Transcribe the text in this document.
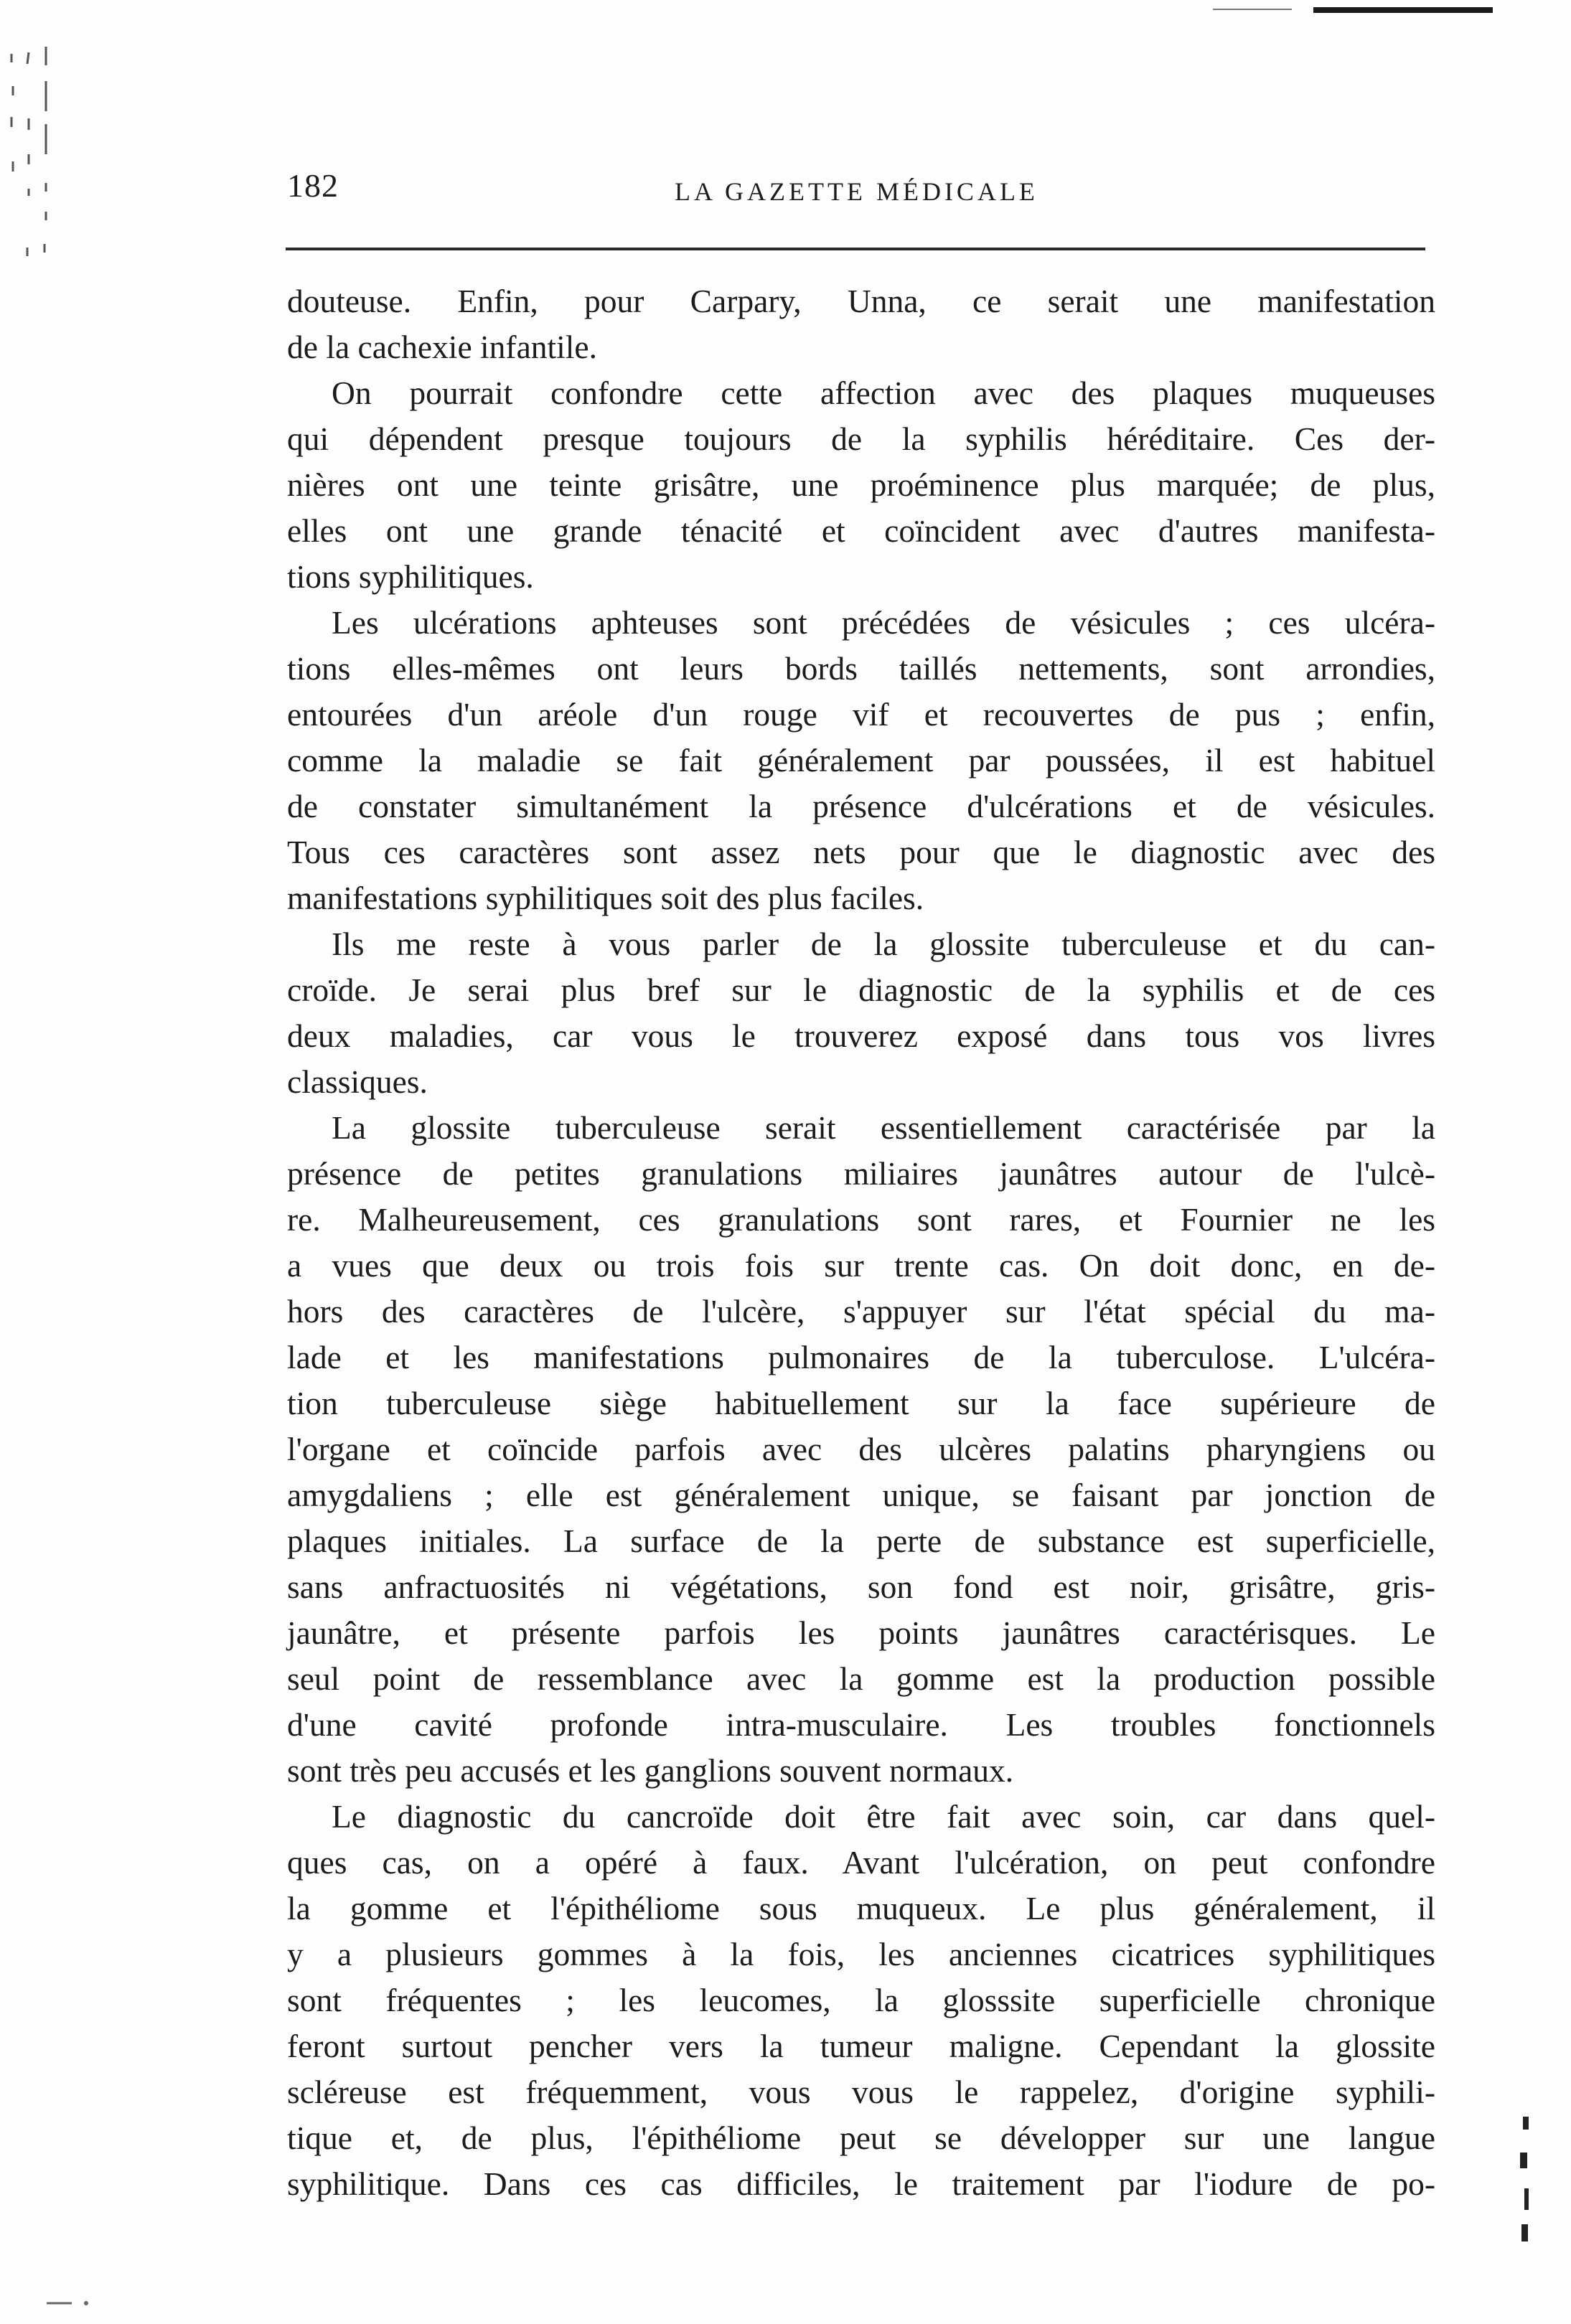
182	LA GAZETTE MÉDICALE
douteuse. Enfin, pour Carpary, Unna, ce serait une manifestation
de la cachexie infantile.
On pourrait confondre cette affection avec des plaques muqueuses
qui dépendent presque toujours de la syphilis héréditaire. Ces der-
nières ont une teinte grisâtre, une proéminence plus marquée; de plus,
elles ont une grande ténacité et coïncident avec d'autres manifesta-
tions syphilitiques.
Les ulcérations aphteuses sont précédées de vésicules ; ces ulcéra-
tions elles-mêmes ont leurs bords taillés nettements, sont arrondies,
entourées d'un aréole d'un rouge vif et recouvertes de pus ; enfin,
comme la maladie se fait généralement par poussées, il est habituel
de constater simultanément la présence d'ulcérations et de vésicules.
Tous ces caractères sont assez nets pour que le diagnostic avec des
manifestations syphilitiques soit des plus faciles.
Ils me reste à vous parler de la glossite tuberculeuse et du can-
croïde. Je serai plus bref sur le diagnostic de la syphilis et de ces
deux maladies, car vous le trouverez exposé dans tous vos livres
classiques.
La glossite tuberculeuse serait essentiellement caractérisée par la
présence de petites granulations miliaires jaunâtres autour de l'ulcè-
re. Malheureusement, ces granulations sont rares, et Fournier ne les
a vues que deux ou trois fois sur trente cas. On doit donc, en de-
hors des caractères de l'ulcère, s'appuyer sur l'état spécial du ma-
lade et les manifestations pulmonaires de la tuberculose. L'ulcéra-
tion tuberculeuse siège habituellement sur la face supérieure de
l'organe et coïncide parfois avec des ulcères palatins pharyngiens ou
amygdaliens ; elle est généralement unique, se faisant par jonction de
plaques initiales. La surface de la perte de substance est superficielle,
sans anfractuosités ni végétations, son fond est noir, grisâtre, gris-
jaunâtre, et présente parfois les points jaunâtres caractérisques. Le
seul point de ressemblance avec la gomme est la production possible
d'une cavité profonde intra-musculaire. Les troubles fonctionnels
sont très peu accusés et les ganglions souvent normaux.
Le diagnostic du cancroïde doit être fait avec soin, car dans quel-
ques cas, on a opéré à faux. Avant l'ulcération, on peut confondre
la gomme et l'épithéliome sous muqueux. Le plus généralement, il
y a plusieurs gommes à la fois, les anciennes cicatrices syphilitiques
sont fréquentes ; les leucomes, la glosssite superficielle chronique
feront surtout pencher vers la tumeur maligne. Cependant la glossite
scléreuse est fréquemment, vous vous le rappelez, d'origine syphili-
tique et, de plus, l'épithéliome peut se développer sur une langue
syphilitique. Dans ces cas difficiles, le traitement par l'iodure de po-
